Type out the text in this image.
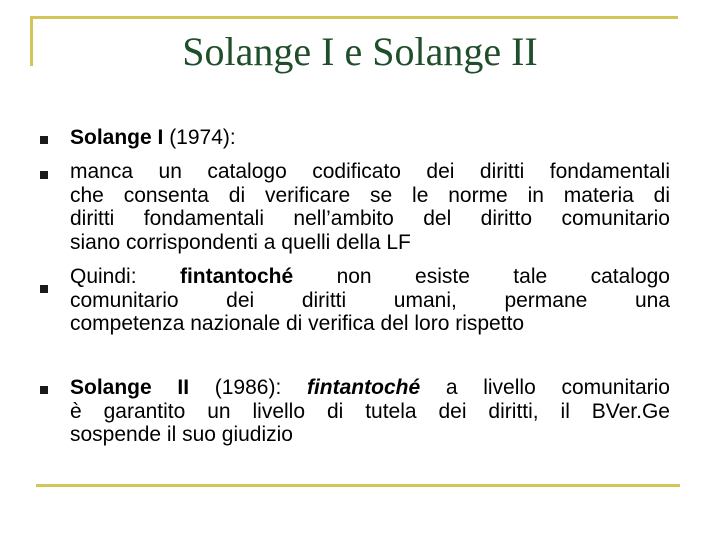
Solange I e Solange II
Solange I (1974):
manca un catalogo codificato dei diritti fondamentali
che consenta di verificare se le norme in materia di
diritti fondamentali nell’ambito del diritto comunitario
siano corrispondenti a quelli della LF
Quindi: fintantoché non esiste tale catalogo
comunitario dei diritti umani, permane una
competenza nazionale di verifica del loro rispetto
Solange II (1986): fintantoché a livello comunitario
è garantito un livello di tutela dei diritti, il BVer.Ge
sospende il suo giudizio
